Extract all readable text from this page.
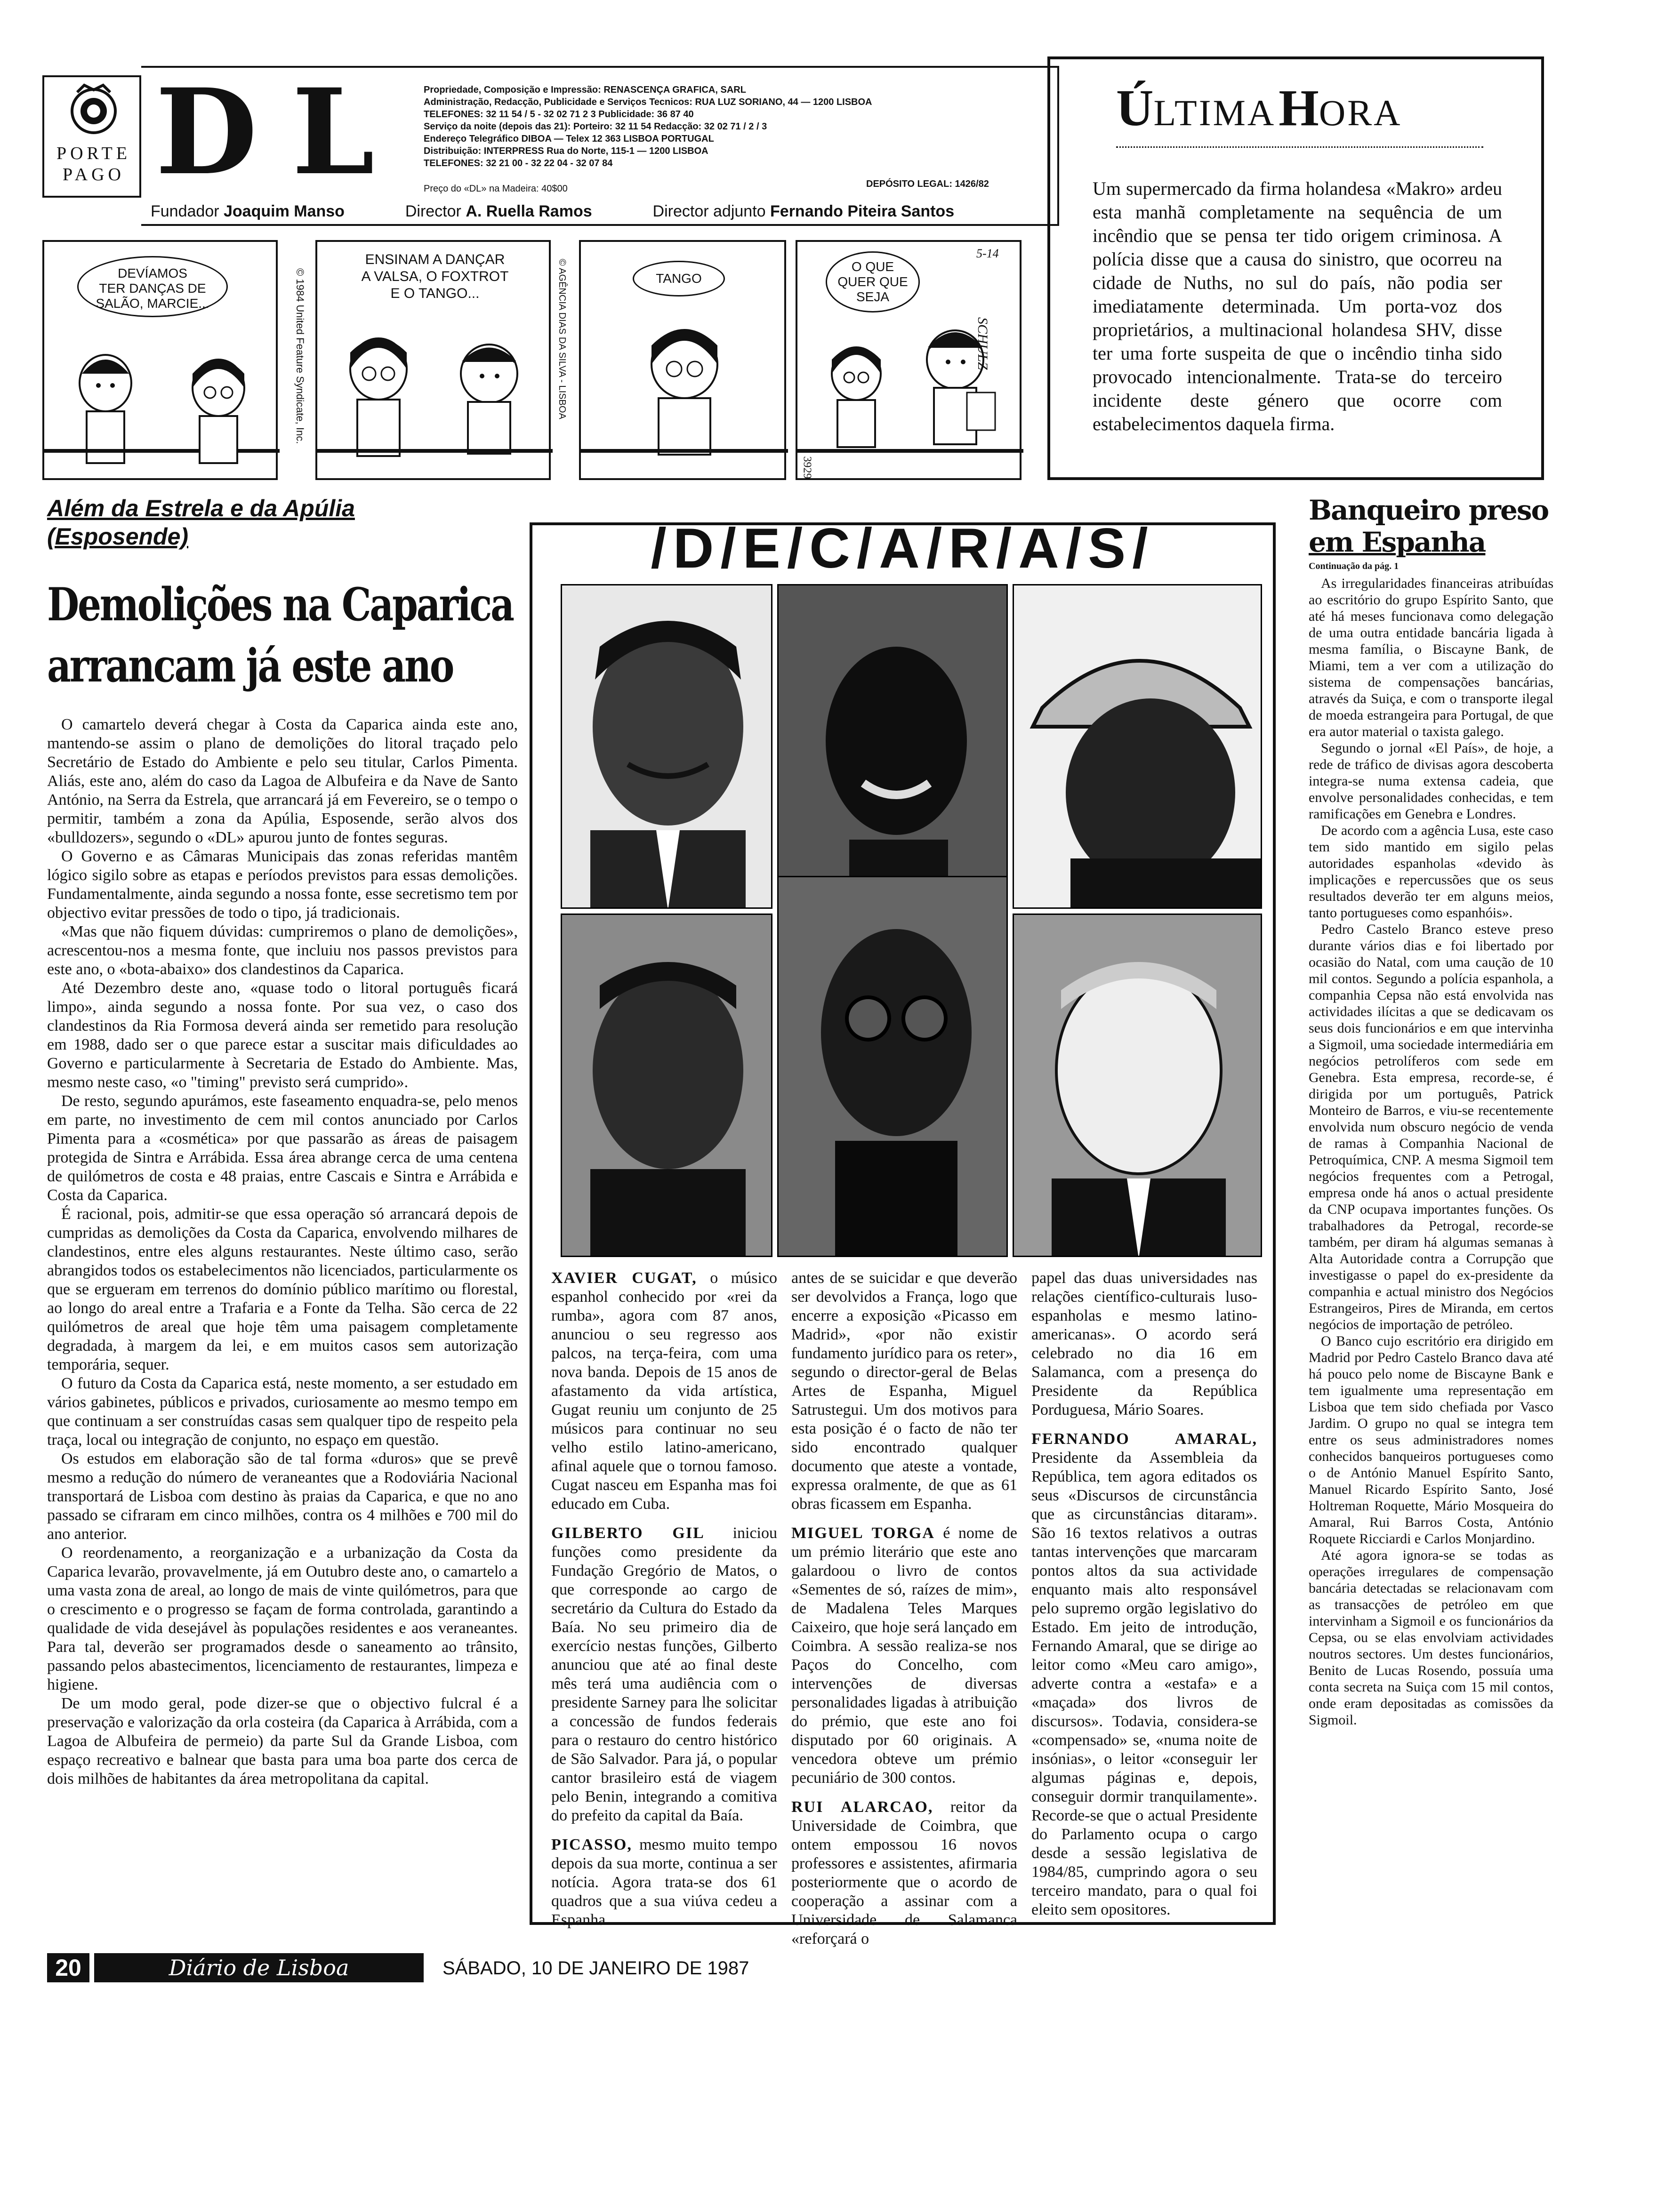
PORTE
PAGO D L	Propriedade, Composição e Impressão: RENASCENÇA GRAFICA, SARL
Administração, Redacção, Publicidade e Serviços Tecnicos: RUA LUZ SORIANO, 44 — 1200 LISBOA
TELEFONES: 32 11 54 / 5 - 32 02 71 2 3 Publicidade: 36 87 40
Serviço da noite (depois das 21): Porteiro: 32 11 54 Redacção: 32 02 71 / 2 / 3
Endereço Telegráfico DIBOA — Telex 12 363 LISBOA PORTUGAL
Distribuição: INTERPRESS Rua do Norte, 115-1 — 1200 LISBOA
TELEFONES: 32 21 00 - 32 22 04 - 32 07 84
Preço do «DL» na Madeira: 40$00	DEPÓSITO LEGAL: 1426/82
Fundador Joaquim Manso	Director A. Ruella Ramos	Director adjunto Fernando Piteira Santos
ÚLTIMAHORA
Um supermercado da firma holandesa «Makro» ardeu esta manhã completamente na sequência de um incêndio que se pensa ter tido origem criminosa. A polícia disse que a causa do sinistro, que ocorreu na cidade de Nuths, no sul do país, não podia ser imediatamente determinada. Um porta-voz dos proprietários, a multinacional holandesa SHV, disse ter uma forte suspeita de que o incêndio tinha sido provocado intencionalmente. Trata-se do terceiro incidente deste género que ocorre com estabelecimentos daquela firma.
DEVÍAMOS
TER DANÇAS DE
SALÃO, MARCIE...	© 1984 United Feature Syndicate, Inc.
ENSINAM A DANÇAR
A VALSA, O FOXTROT
E O TANGO...	© AGÊNCIA DIAS DA SILVA - LISBOA	TANGO
5-14
O QUE
QUER QUE
SEJA
SCHULZ
3929
Além da Estrela e da Apúlia
(Esposende)
Demolições na Caparica
arrancam já este ano

O camartelo deverá chegar à Costa da Caparica ainda este ano, mantendo-se assim o plano de demolições do litoral traçado pelo Secretário de Estado do Ambiente e pelo seu titular, Carlos Pimenta. Aliás, este ano, além do caso da Lagoa de Albufeira e da Nave de Santo António, na Serra da Estrela, que arrancará já em Fevereiro, se o tempo o permitir, também a zona da Apúlia, Esposende, serão alvos dos «bulldozers», segundo o «DL» apurou junto de fontes seguras.

O Governo e as Câmaras Municipais das zonas referidas mantêm lógico sigilo sobre as etapas e períodos previstos para essas demolições. Fundamentalmente, ainda segundo a nossa fonte, esse secretismo tem por objectivo evitar pressões de todo o tipo, já tradicionais.

«Mas que não fiquem dúvidas: cumpriremos o plano de demolições», acrescentou-nos a mesma fonte, que incluiu nos passos previstos para este ano, o «bota-abaixo» dos clandestinos da Caparica.

Até Dezembro deste ano, «quase todo o litoral português ficará limpo», ainda segundo a nossa fonte. Por sua vez, o caso dos clandestinos da Ria Formosa deverá ainda ser remetido para resolução em 1988, dado ser o que parece estar a suscitar mais dificuldades ao Governo e particularmente à Secretaria de Estado do Ambiente. Mas, mesmo neste caso, «o "timing" previsto será cumprido».

De resto, segundo apurámos, este faseamento enquadra-se, pelo menos em parte, no investimento de cem mil contos anunciado por Carlos Pimenta para a «cosmética» por que passarão as áreas de paisagem protegida de Sintra e Arrábida. Essa área abrange cerca de uma centena de quilómetros de costa e 48 praias, entre Cascais e Sintra e Arrábida e Costa da Caparica.

É racional, pois, admitir-se que essa operação só arrancará depois de cumpridas as demolições da Costa da Caparica, envolvendo milhares de clandestinos, entre eles alguns restaurantes. Neste último caso, serão abrangidos todos os estabelecimentos não licenciados, particularmente os que se ergueram em terrenos do domínio público marítimo ou florestal, ao longo do areal entre a Trafaria e a Fonte da Telha. São cerca de 22 quilómetros de areal que hoje têm uma paisagem completamente degradada, à margem da lei, e em muitos casos sem autorização temporária, sequer.

O futuro da Costa da Caparica está, neste momento, a ser estudado em vários gabinetes, públicos e privados, curiosamente ao mesmo tempo em que continuam a ser construídas casas sem qualquer tipo de respeito pela traça, local ou integração de conjunto, no espaço em questão.

Os estudos em elaboração são de tal forma «duros» que se prevê mesmo a redução do número de veraneantes que a Rodoviária Nacional transportará de Lisboa com destino às praias da Caparica, e que no ano passado se cifraram em cinco milhões, contra os 4 milhões e 700 mil do ano anterior.

O reordenamento, a reorganização e a urbanização da Costa da Caparica levarão, provavelmente, já em Outubro deste ano, o camartelo a uma vasta zona de areal, ao longo de mais de vinte quilómetros, para que o crescimento e o progresso se façam de forma controlada, garantindo a qualidade de vida desejável às populações residentes e aos veraneantes. Para tal, deverão ser programados desde o saneamento ao trânsito, passando pelos abastecimentos, licenciamento de restaurantes, limpeza e higiene.

De um modo geral, pode dizer-se que o objectivo fulcral é a preservação e valorização da orla costeira (da Caparica à Arrábida, com a Lagoa de Albufeira de permeio) da parte Sul da Grande Lisboa, com espaço recreativo e balnear que basta para uma boa parte dos cerca de dois milhões de habitantes da área metropolitana da capital.

/D/E/C/A/R/A/S/

XAVIER CUGAT, o músico espanhol conhecido por «rei da rumba», agora com 87 anos, anunciou o seu regresso aos palcos, na terça-feira, com uma nova banda. Depois de 15 anos de afastamento da vida artística, Gugat reuniu um conjunto de 25 músicos para continuar no seu velho estilo latino-americano, afinal aquele que o tornou famoso. Cugat nasceu em Espanha mas foi educado em Cuba.

GILBERTO GIL iniciou funções como presidente da Fundação Gregório de Matos, o que corresponde ao cargo de secretário da Cultura do Estado da Baía. No seu primeiro dia de exercício nestas funções, Gilberto anunciou que até ao final deste mês terá uma audiência com o presidente Sarney para lhe solicitar a concessão de fundos federais para o restauro do centro histórico de São Salvador. Para já, o popular cantor brasileiro está de viagem pelo Benin, integrando a comitiva do prefeito da capital da Baía.

PICASSO, mesmo muito tempo depois da sua morte, continua a ser notícia. Agora trata-se dos 61 quadros que a sua viúva cedeu a Espanha

antes de se suicidar e que deverão ser devolvidos a França, logo que encerre a exposição «Picasso em Madrid», «por não existir fundamento jurídico para os reter», segundo o director-geral de Belas Artes de Espanha, Miguel Satrustegui. Um dos motivos para esta posição é o facto de não ter sido encontrado qualquer documento que ateste a vontade, expressa oralmente, de que as 61 obras ficassem em Espanha.

MIGUEL TORGA é nome de um prémio literário que este ano galardoou o livro de contos «Sementes de só, raízes de mim», de Madalena Teles Marques Caixeiro, que hoje será lançado em Coimbra. A sessão realiza-se nos Paços do Concelho, com intervenções de diversas personalidades ligadas à atribuição do prémio, que este ano foi disputado por 60 originais. A vencedora obteve um prémio pecuniário de 300 contos.

RUI ALARCAO, reitor da Universidade de Coimbra, que ontem empossou 16 novos professores e assistentes, afirmaria posteriormente que o acordo de cooperação a assinar com a Universidade de Salamanca «reforçará o

papel das duas universidades nas relações científico-culturais luso-espanholas e mesmo latino-americanas». O acordo será celebrado no dia 16 em Salamanca, com a presença do Presidente da República Porduguesa, Mário Soares.

FERNANDO AMARAL, Presidente da Assembleia da República, tem agora editados os seus «Discursos de circunstância que as circunstâncias ditaram». São 16 textos relativos a outras tantas intervenções que marcaram pontos altos da sua actividade enquanto mais alto responsável pelo supremo orgão legislativo do Estado. Em jeito de introdução, Fernando Amaral, que se dirige ao leitor como «Meu caro amigo», adverte contra a «estafa» e a «maçada» dos livros de discursos». Todavia, considera-se «compensado» se, «numa noite de insónias», o leitor «conseguir ler algumas páginas e, depois, conseguir dormir tranquilamente». Recorde-se que o actual Presidente do Parlamento ocupa o cargo desde a sessão legislativa de 1984/85, cumprindo agora o seu terceiro mandato, para o qual foi eleito sem opositores.

Banqueiro preso
em Espanha
Continuação da pág. 1

As irregularidades financeiras atribuídas ao escritório do grupo Espírito Santo, que até há meses funcionava como delegação de uma outra entidade bancária ligada à mesma família, o Biscayne Bank, de Miami, tem a ver com a utilização do sistema de compensações bancárias, através da Suiça, e com o transporte ilegal de moeda estrangeira para Portugal, de que era autor material o taxista galego.

Segundo o jornal «El País», de hoje, a rede de tráfico de divisas agora descoberta integra-se numa extensa cadeia, que envolve personalidades conhecidas, e tem ramificações em Genebra e Londres.

De acordo com a agência Lusa, este caso tem sido mantido em sigilo pelas autoridades espanholas «devido às implicações e repercussões que os seus resultados deverão ter em alguns meios, tanto portugueses como espanhóis».

Pedro Castelo Branco esteve preso durante vários dias e foi libertado por ocasião do Natal, com uma caução de 10 mil contos. Segundo a polícia espanhola, a companhia Cepsa não está envolvida nas actividades ilícitas a que se dedicavam os seus dois funcionários e em que intervinha a Sigmoil, uma sociedade intermediária em negócios petrolíferos com sede em Genebra. Esta empresa, recorde-se, é dirigida por um português, Patrick Monteiro de Barros, e viu-se recentemente envolvida num obscuro negócio de venda de ramas à Companhia Nacional de Petroquímica, CNP. A mesma Sigmoil tem negócios frequentes com a Petrogal, empresa onde há anos o actual presidente da CNP ocupava importantes funções. Os trabalhadores da Petrogal, recorde-se também, per diram há algumas semanas à Alta Autoridade contra a Corrupção que investigasse o papel do ex-presidente da companhia e actual ministro dos Negócios Estrangeiros, Pires de Miranda, em certos negócios de importação de petróleo.

O Banco cujo escritório era dirigido em Madrid por Pedro Castelo Branco dava até há pouco pelo nome de Biscayne Bank e tem igualmente uma representação em Lisboa que tem sido chefiada por Vasco Jardim. O grupo no qual se integra tem entre os seus administradores nomes conhecidos banqueiros portugueses como o de António Manuel Espírito Santo, Manuel Ricardo Espírito Santo, José Holtreman Roquette, Mário Mosqueira do Amaral, Rui Barros Costa, António Roquete Ricciardi e Carlos Monjardino.

Até agora ignora-se se todas as operações irregulares de compensação bancária detectadas se relacionavam com as transacções de petróleo em que intervinham a Sigmoil e os funcionários da Cepsa, ou se elas envolviam actividades noutros sectores. Um destes funcionários, Benito de Lucas Rosendo, possuía uma conta secreta na Suiça com 15 mil contos, onde eram depositadas as comissões da Sigmoil.

20	Diário de Lisboa	SÁBADO, 10 DE JANEIRO DE 1987
